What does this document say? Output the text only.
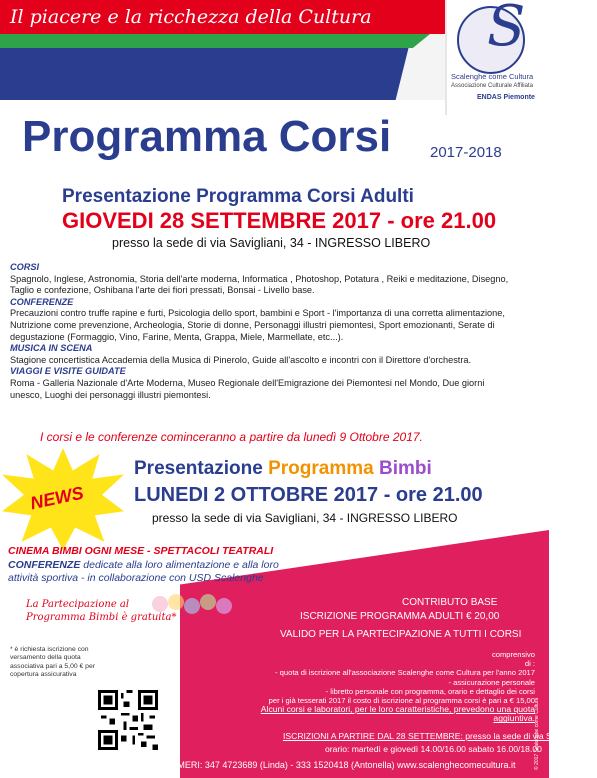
Il piacere e la ricchezza della Cultura S
Scalenghe come Cultura
Associazione Culturale Affiliata
ENDAS Piemonte
Programma Corsi	2017-2018
Presentazione Programma Corsi Adulti
GIOVEDI 28 SETTEMBRE 2017 - ore 21.00
presso la sede di via Savigliani, 34 - INGRESSO LIBERO
CORSI
Spagnolo, Inglese, Astronomia, Storia dell'arte moderna, Informatica , Photoshop, Potatura , Reiki e meditazione, Disegno, Taglio e confezione, Oshibana l'arte dei fiori pressati, Bonsai - Livello base.
CONFERENZE
Precauzioni contro truffe rapine e furti, Psicologia dello sport, bambini e Sport - l'importanza di una corretta alimentazione, Nutrizione come prevenzione, Archeologia, Storie di donne, Personaggi illustri piemontesi, Sport emozionanti, Serate di degustazione (Formaggio, Vino, Farine, Menta, Grappa, Miele, Marmellate, etc...).
MUSICA IN SCENA
Stagione concertistica Accademia della Musica di Pinerolo, Guide all'ascolto e incontri con il Direttore d'orchestra.
VIAGGI E VISITE GUIDATE
Roma - Galleria Nazionale d'Arte Moderna, Museo Regionale dell'Emigrazione dei Piemontesi nel Mondo, Due giorni unesco, Luoghi dei personaggi illustri piemontesi.
I corsi e le conferenze cominceranno a partire da lunedì 9 Ottobre 2017.
NEWS
Presentazione Programma Bimbi
LUNEDI 2 OTTOBRE 2017 - ore 21.00
presso la sede di via Savigliani, 34 - INGRESSO LIBERO
CINEMA BIMBI OGNI MESE - SPETTACOLI TEATRALI
CONFERENZE dedicate alla loro alimentazione e alla loro attività sportiva - in collaborazione con USD Scalenghe
La Partecipazione al
Programma Bimbi è gratuita*
* è richiesta iscrizione con versamento della quota associativa pari a 5,00 € per copertura assicurativa
CONTRIBUTO BASE
ISCRIZIONE PROGRAMMA ADULTI € 20,00
VALIDO PER LA PARTECIPAZIONE A TUTTI I CORSI
comprensivo
di :
- quota di iscrizione all'associazione Scalenghe come Cultura per l'anno 2017
- assicurazione personale
- libretto personale con programma, orario e dettaglio dei corsi
per i già tesserati 2017 il costo di iscrizione al programma corsi è pari a € 15,00
Alcuni corsi e laboratori, per le loro caratteristiche, prevedono una quota aggiuntiva.
ISCRIZIONI A PARTIRE DAL 28 SETTEMBRE: presso la sede di via Savigliani, 34
orario: martedì e giovedì 14.00/16.00 sabato 16.00/18.00
INFO E PRENOTAZIONI AI NUMERI: 347 4723689 (Linda) - 333 1520418 (Antonella) www.scalenghecomecultura.it	© 2017 Scalenghe come Cultura
